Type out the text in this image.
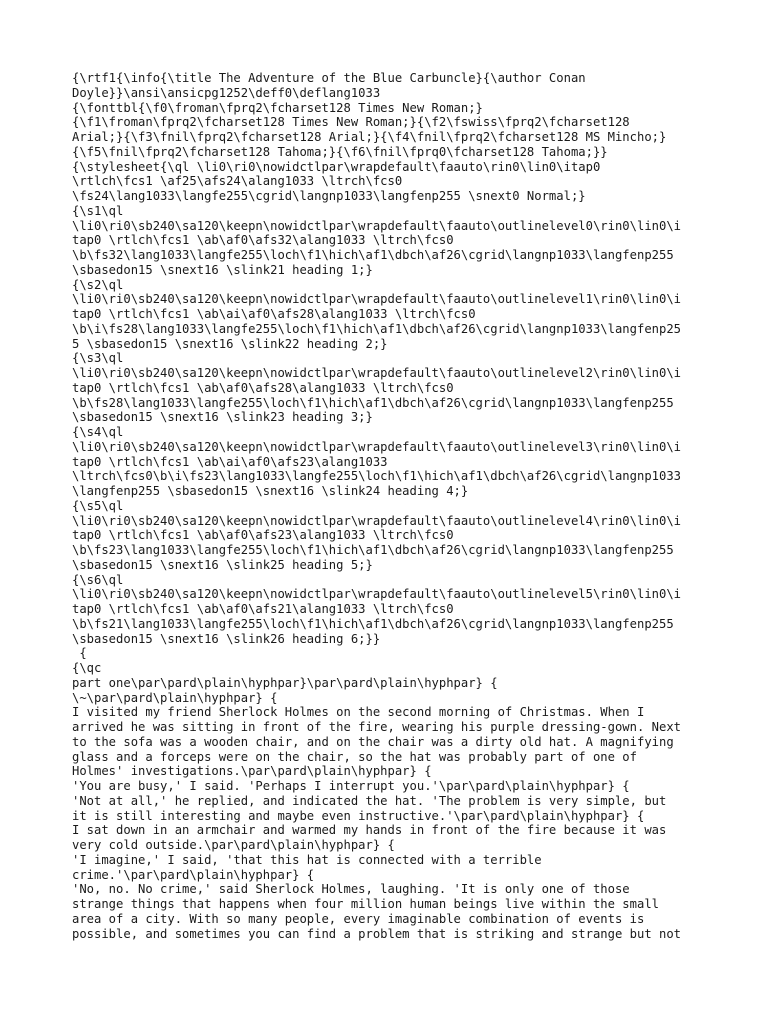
{\rtf1{\info{\title The Adventure of the Blue Carbuncle}{\author Conan
Doyle}}\ansi\ansicpg1252\deff0\deflang1033
{\fonttbl{\f0\froman\fprq2\fcharset128 Times New Roman;}
{\f1\froman\fprq2\fcharset128 Times New Roman;}{\f2\fswiss\fprq2\fcharset128
Arial;}{\f3\fnil\fprq2\fcharset128 Arial;}{\f4\fnil\fprq2\fcharset128 MS Mincho;}
{\f5\fnil\fprq2\fcharset128 Tahoma;}{\f6\fnil\fprq0\fcharset128 Tahoma;}}
{\stylesheet{\ql \li0\ri0\nowidctlpar\wrapdefault\faauto\rin0\lin0\itap0
\rtlch\fcs1 \af25\afs24\alang1033 \ltrch\fcs0
\fs24\lang1033\langfe255\cgrid\langnp1033\langfenp255 \snext0 Normal;}
{\s1\ql
\li0\ri0\sb240\sa120\keepn\nowidctlpar\wrapdefault\faauto\outlinelevel0\rin0\lin0\i
tap0 \rtlch\fcs1 \ab\af0\afs32\alang1033 \ltrch\fcs0
\b\fs32\lang1033\langfe255\loch\f1\hich\af1\dbch\af26\cgrid\langnp1033\langfenp255
\sbasedon15 \snext16 \slink21 heading 1;}
{\s2\ql
\li0\ri0\sb240\sa120\keepn\nowidctlpar\wrapdefault\faauto\outlinelevel1\rin0\lin0\i
tap0 \rtlch\fcs1 \ab\ai\af0\afs28\alang1033 \ltrch\fcs0
\b\i\fs28\lang1033\langfe255\loch\f1\hich\af1\dbch\af26\cgrid\langnp1033\langfenp25
5 \sbasedon15 \snext16 \slink22 heading 2;}
{\s3\ql
\li0\ri0\sb240\sa120\keepn\nowidctlpar\wrapdefault\faauto\outlinelevel2\rin0\lin0\i
tap0 \rtlch\fcs1 \ab\af0\afs28\alang1033 \ltrch\fcs0
\b\fs28\lang1033\langfe255\loch\f1\hich\af1\dbch\af26\cgrid\langnp1033\langfenp255
\sbasedon15 \snext16 \slink23 heading 3;}
{\s4\ql
\li0\ri0\sb240\sa120\keepn\nowidctlpar\wrapdefault\faauto\outlinelevel3\rin0\lin0\i
tap0 \rtlch\fcs1 \ab\ai\af0\afs23\alang1033
\ltrch\fcs0\b\i\fs23\lang1033\langfe255\loch\f1\hich\af1\dbch\af26\cgrid\langnp1033
\langfenp255 \sbasedon15 \snext16 \slink24 heading 4;}
{\s5\ql
\li0\ri0\sb240\sa120\keepn\nowidctlpar\wrapdefault\faauto\outlinelevel4\rin0\lin0\i
tap0 \rtlch\fcs1 \ab\af0\afs23\alang1033 \ltrch\fcs0
\b\fs23\lang1033\langfe255\loch\f1\hich\af1\dbch\af26\cgrid\langnp1033\langfenp255
\sbasedon15 \snext16 \slink25 heading 5;}
{\s6\ql
\li0\ri0\sb240\sa120\keepn\nowidctlpar\wrapdefault\faauto\outlinelevel5\rin0\lin0\i
tap0 \rtlch\fcs1 \ab\af0\afs21\alang1033 \ltrch\fcs0
\b\fs21\lang1033\langfe255\loch\f1\hich\af1\dbch\af26\cgrid\langnp1033\langfenp255
\sbasedon15 \snext16 \slink26 heading 6;}}
{
{\qc
part one\par\pard\plain\hyphpar}\par\pard\plain\hyphpar} {
\~\par\pard\plain\hyphpar} {
I visited my friend Sherlock Holmes on the second morning of Christmas. When I
arrived he was sitting in front of the fire, wearing his purple dressing-gown. Next
to the sofa was a wooden chair, and on the chair was a dirty old hat. A magnifying
glass and a forceps were on the chair, so the hat was probably part of one of
Holmes' investigations.\par\pard\plain\hyphpar} {
'You are busy,' I said. 'Perhaps I interrupt you.'\par\pard\plain\hyphpar} {
'Not at all,' he replied, and indicated the hat. 'The problem is very simple, but
it is still interesting and maybe even instructive.'\par\pard\plain\hyphpar} {
I sat down in an armchair and warmed my hands in front of the fire because it was
very cold outside.\par\pard\plain\hyphpar} {
'I imagine,' I said, 'that this hat is connected with a terrible
crime.'\par\pard\plain\hyphpar} {
'No, no. No crime,' said Sherlock Holmes, laughing. 'It is only one of those
strange things that happens when four million human beings live within the small
area of a city. With so many people, every imaginable combination of events is
possible, and sometimes you can find a problem that is striking and strange but not
